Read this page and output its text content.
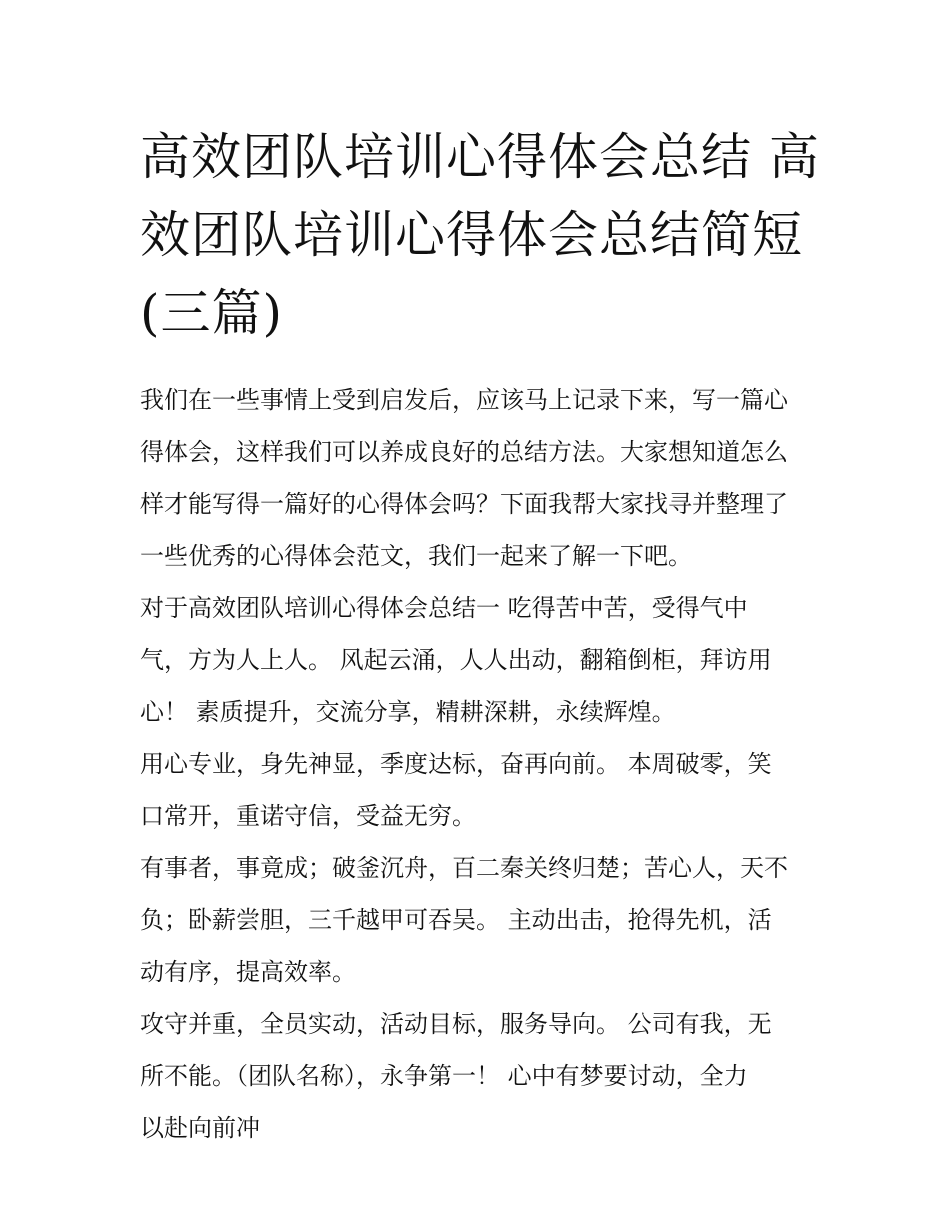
高效团队培训心得体会总结 高
效团队培训心得体会总结简短
(三篇)
我们在一些事情上受到启发后，应该马上记录下来，写一篇心
得体会，这样我们可以养成良好的总结方法。大家想知道怎么
样才能写得一篇好的心得体会吗？下面我帮大家找寻并整理了
一些优秀的心得体会范文，我们一起来了解一下吧。
对于高效团队培训心得体会总结一 吃得苦中苦，受得气中
气，方为人上人。 风起云涌，人人出动，翻箱倒柜，拜访用
心！ 素质提升，交流分享，精耕深耕，永续辉煌。
用心专业，身先神显，季度达标，奋再向前。 本周破零，笑
口常开，重诺守信，受益无穷。
有事者，事竟成；破釜沉舟，百二秦关终归楚；苦心人，天不
负；卧薪尝胆，三千越甲可吞吴。 主动出击，抢得先机，活
动有序，提高效率。
攻守并重，全员实动，活动目标，服务导向。 公司有我，无
所不能。（团队名称），永争第一！ 心中有梦要讨动，全力
以赴向前冲
